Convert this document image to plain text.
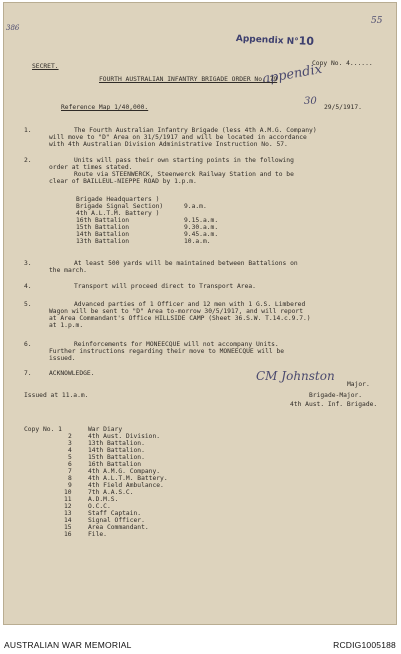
386
55
Appendix N°10
appendix
30
SECRET.	Copy No. 4......
FOURTH AUSTRALIAN INFANTRY BRIGADE ORDER No. 79
Reference Map 1/40,000.	29/5/1917.
1.	The Fourth Australian Infantry Brigade (less 4th A.M.G. Company)
will move to "D" Area on 31/5/1917 and will be located in accordance
with 4th Australian Division Administrative Instruction No. 57.
2.	Units will pass their own starting points in the following
order at times stated.
Route via STEENWERCK, Steenwerck Railway Station and to be
clear of BAILLEUL-NIEPPE ROAD by 1.p.m.
Brigade Headquarters )
Brigade Signal Section)	9.a.m.
4th A.L.T.M. Battery )
16th Battalion	9.15.a.m.
15th Battalion	9.30.a.m.
14th Battalion	9.45.a.m.
13th Battalion	10.a.m.
3.	At least 500 yards will be maintained between Battalions on
the march.
4.	Transport will proceed direct to Transport Area.
5.	Advanced parties of 1 Officer and 12 men with 1 G.S. Limbered
Wagon will be sent to "D" Area to-morrow 30/5/1917, and will report
at Area Commandant's Office HILLSIDE CAMP (Sheet 36.S.W. T.14.c.9.7.)
at 1.p.m.
6.	Reinforcements for MONEECQUE will not accompany Units.
Further instructions regarding their move to MONEECQUE will be
issued.
7.	ACKNOWLEDGE.	CM Johnston
Major.
Brigade-Major.
4th Aust. Inf. Brigade.
Issued at 11.a.m.
Copy No. 1	War Diary
2	4th Aust. Division.
3	13th Battalion.
4	14th Battalion.
5	15th Battalion.
6	16th Battalion
7	4th A.M.G. Company.
8	4th A.L.T.M. Battery.
9	4th Field Ambulance.
10	7th A.A.S.C.
11	A.D.M.S.
12	O.C.C.
13	Staff Captain.
14	Signal Officer.
15	Area Commandant.
16	File.
AUSTRALIAN WAR MEMORIAL	RCDIG1005188
